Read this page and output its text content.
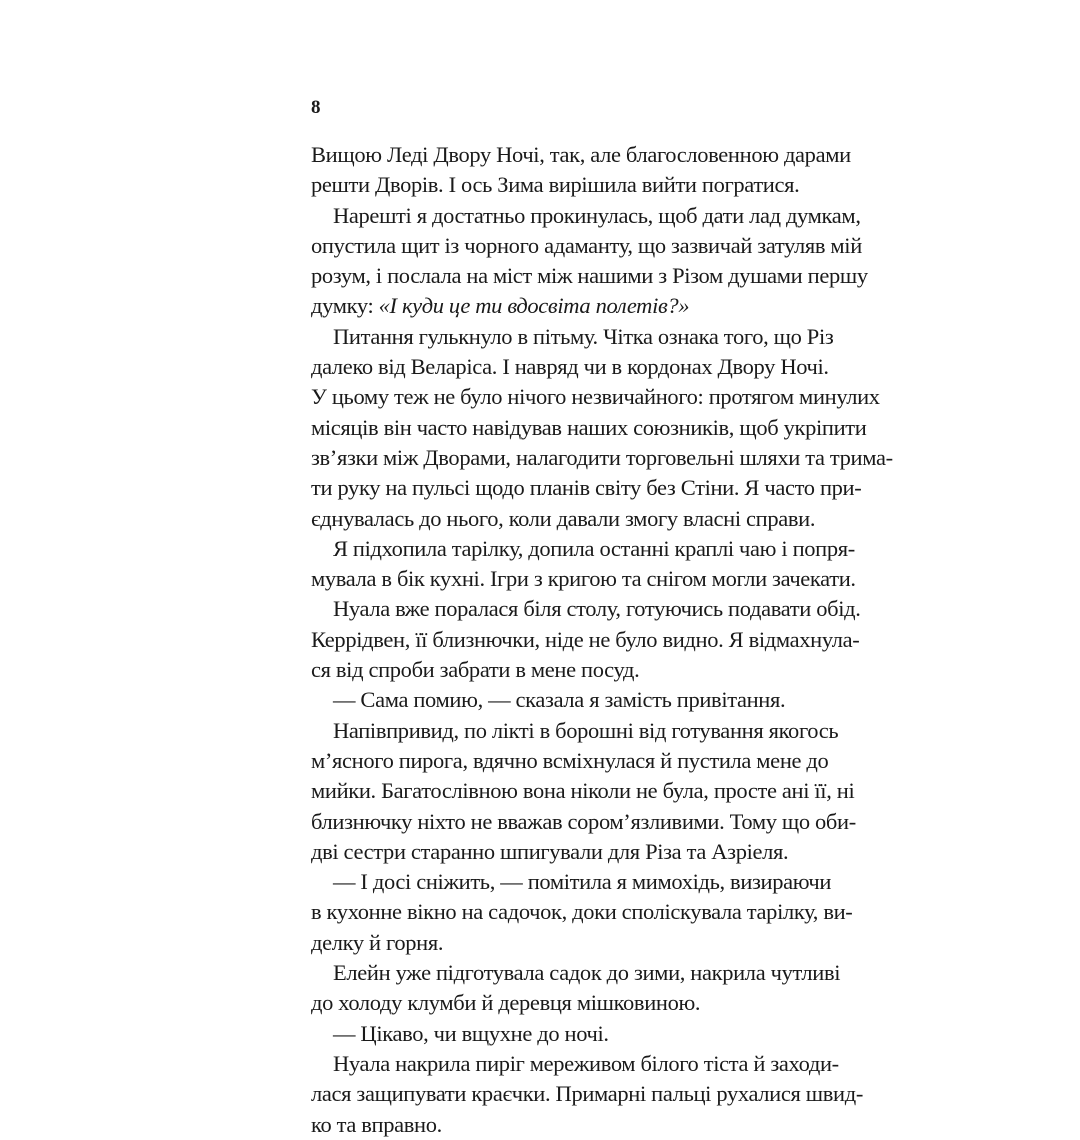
8
Вищою Леді Двору Ночі, так, але благословенною дарами
решти Дворів. І ось Зима вирішила вийти погратися.
Нарешті я достатньо прокинулась, щоб дати лад думкам,
опустила щит із чорного адаманту, що зазвичай затуляв мій
розум, і послала на міст між нашими з Різом душами першу
думку: «І куди це ти вдосвіта полетів?»
Питання гулькнуло в пітьму. Чітка ознака того, що Різ
далеко від Веларіса. І навряд чи в кордонах Двору Ночі.
У цьому теж не було нічого незвичайного: протягом минулих
місяців він часто навідував наших союзників, щоб укріпити
зв’язки між Дворами, налагодити торговельні шляхи та трима-
ти руку на пульсі щодо планів світу без Стіни. Я часто при-
єднувалась до нього, коли давали змогу власні справи.
Я підхопила тарілку, допила останні краплі чаю і попря-
мувала в бік кухні. Ігри з кригою та снігом могли зачекати.
Нуала вже поралася біля столу, готуючись подавати обід.
Керрідвен, її близнючки, ніде не було видно. Я відмахнула-
ся від спроби забрати в мене посуд.
— Сама помию, — сказала я замість привітання.
Напівпривид, по лікті в борошні від готування якогось
м’ясного пирога, вдячно всміхнулася й пустила мене до
мийки. Багатослівною вона ніколи не була, просте ані її, ні
близнючку ніхто не вважав сором’язливими. Тому що оби-
дві сестри старанно шпигували для Різа та Азріеля.
— І досі сніжить, — помітила я мимохідь, визираючи
в кухонне вікно на садочок, доки споліскувала тарілку, ви-
делку й горня.
Елейн уже підготувала садок до зими, накрила чутливі
до холоду клумби й деревця мішковиною.
— Цікаво, чи вщухне до ночі.
Нуала накрила пиріг мереживом білого тіста й заходи-
лася защипувати краєчки. Примарні пальці рухалися швид-
ко та вправно.
